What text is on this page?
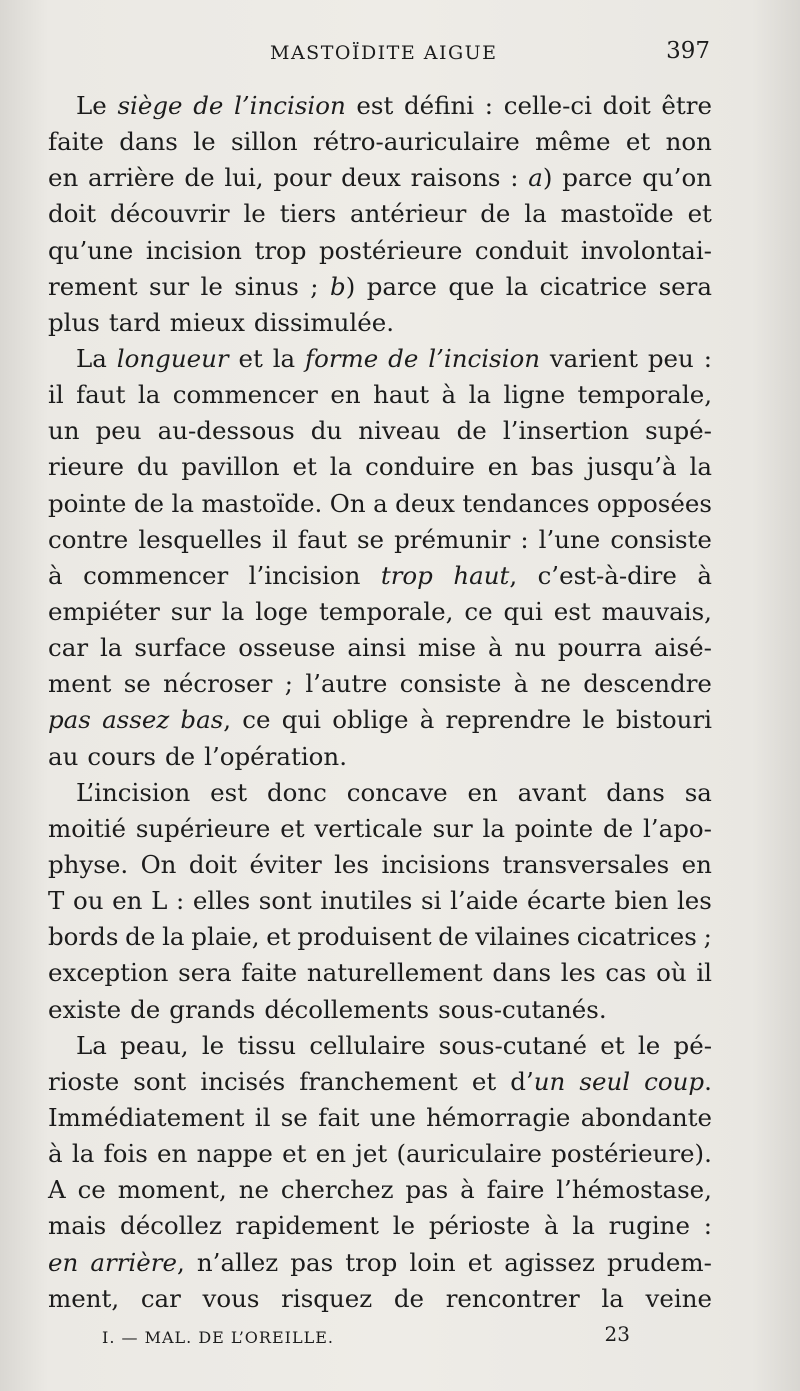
MASTOÏDITE AIGUE	397
Le siège de l’incision est défini : celle-ci doit être
faite dans le sillon rétro-auriculaire même et non
en arrière de lui, pour deux raisons : a) parce qu’on
doit découvrir le tiers antérieur de la mastoïde et
qu’une incision trop postérieure conduit involontai-
rement sur le sinus ; b) parce que la cicatrice sera
plus tard mieux dissimulée.
La longueur et la forme de l’incision varient peu :
il faut la commencer en haut à la ligne temporale,
un peu au-dessous du niveau de l’insertion supé-
rieure du pavillon et la conduire en bas jusqu’à la
pointe de la mastoïde. On a deux tendances opposées
contre lesquelles il faut se prémunir : l’une consiste
à commencer l’incision trop haut, c’est-à-dire à
empiéter sur la loge temporale, ce qui est mauvais,
car la surface osseuse ainsi mise à nu pourra aisé-
ment se nécroser ; l’autre consiste à ne descendre
pas assez bas, ce qui oblige à reprendre le bistouri
au cours de l’opération.
L’incision est donc concave en avant dans sa
moitié supérieure et verticale sur la pointe de l’apo-
physe. On doit éviter les incisions transversales en
T ou en L : elles sont inutiles si l’aide écarte bien les
bords de la plaie, et produisent de vilaines cicatrices ;
exception sera faite naturellement dans les cas où il
existe de grands décollements sous-cutanés.
La peau, le tissu cellulaire sous-cutané et le pé-
rioste sont incisés franchement et d’un seul coup.
Immédiatement il se fait une hémorragie abondante
à la fois en nappe et en jet (auriculaire postérieure).
A ce moment, ne cherchez pas à faire l’hémostase,
mais décollez rapidement le périoste à la rugine :
en arrière, n’allez pas trop loin et agissez prudem-
ment, car vous risquez de rencontrer la veine
I. — MAL. DE L’OREILLE.	23
